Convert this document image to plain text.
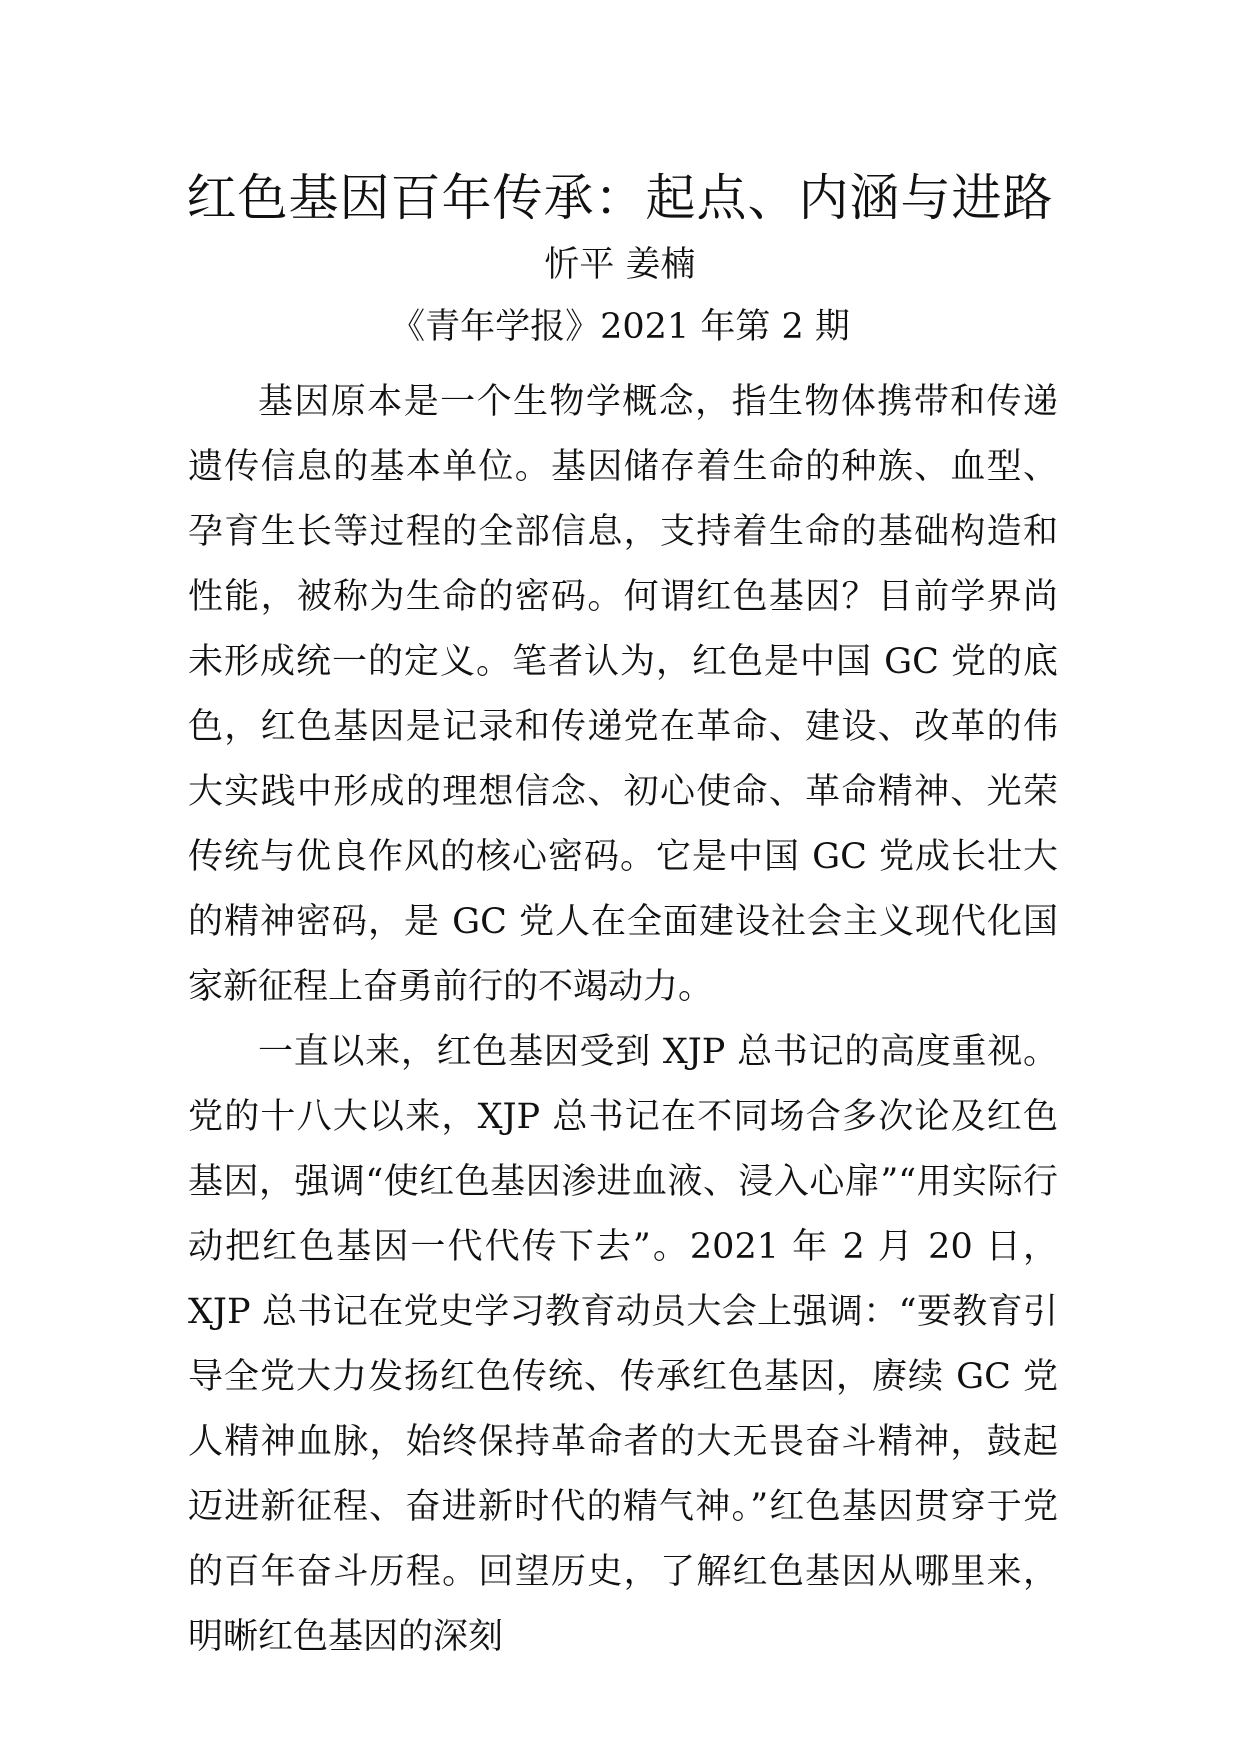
红色基因百年传承：起点、内涵与进路
忻平 姜楠
《青年学报》2021 年第 2 期

基因原本是一个生物学概念，指生物体携带和传递遗传信息的基本单位。基因储存着生命的种族、血型、孕育生长等过程的全部信息，支持着生命的基础构造和性能，被称为生命的密码。何谓红色基因？目前学界尚未形成统一的定义。笔者认为，红色是中国 GC 党的底色，红色基因是记录和传递党在革命、建设、改革的伟大实践中形成的理想信念、初心使命、革命精神、光荣传统与优良作风的核心密码。它是中国 GC 党成长壮大的精神密码，是 GC 党人在全面建设社会主义现代化国家新征程上奋勇前行的不竭动力。

一直以来，红色基因受到 XJP 总书记的高度重视。党的十八大以来，XJP 总书记在不同场合多次论及红色基因，强调“使红色基因渗进血液、浸入心扉”“用实际行动把红色基因一代代传下去”。2021 年 2 月 20 日，XJP 总书记在党史学习教育动员大会上强调：“要教育引导全党大力发扬红色传统、传承红色基因，赓续 GC 党人精神血脉，始终保持革命者的大无畏奋斗精神，鼓起迈进新征程、奋进新时代的精气神。”红色基因贯穿于党的百年奋斗历程。回望历史，了解红色基因从哪里来，明晰红色基因的深刻
